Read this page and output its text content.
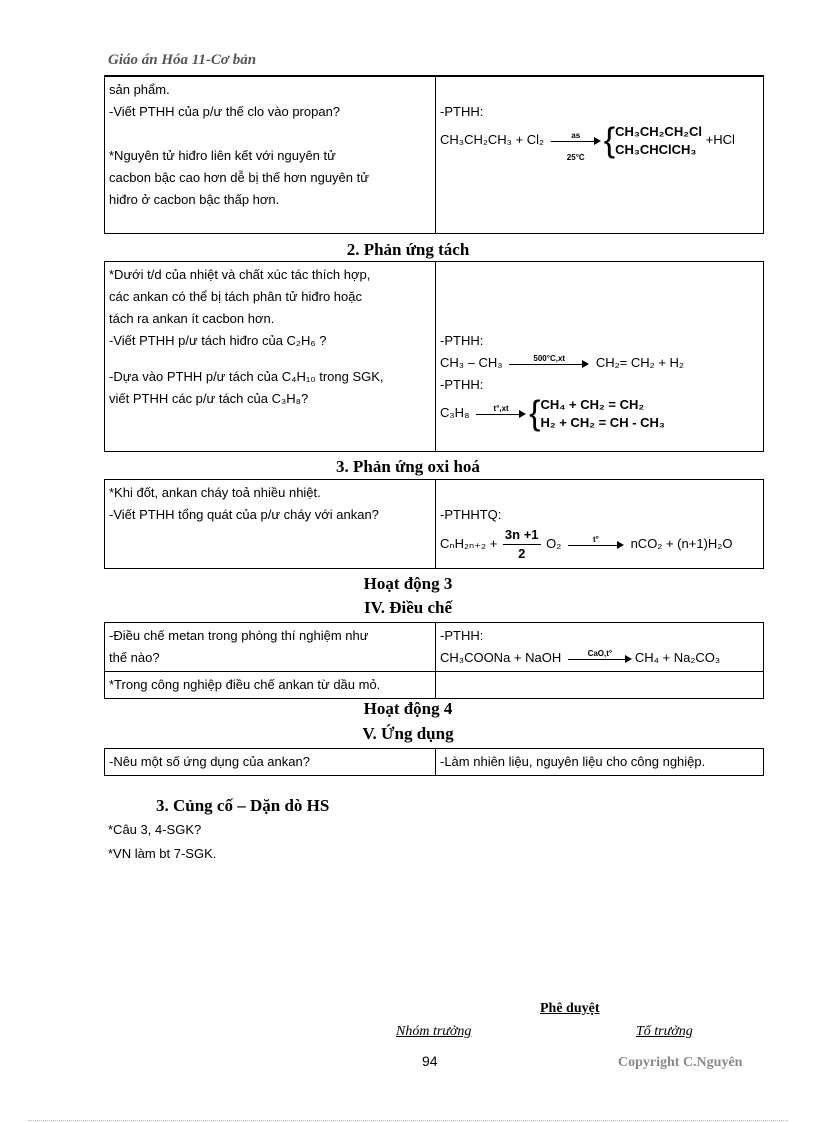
Giáo án Hóa 11-Cơ bản
sản phẩm.
-Viết PTHH của p/ư thế clo vào propan?
*Nguyên tử hiđro liên kết với nguyên tử
cacbon bậc cao hơn dễ bị thế hơn nguyên tử
hiđro ở cacbon bậc thấp hơn.

-PTHH:
CH₃CH₂CH₃ + Cl₂	as
25°C { CH₃CH₂CH₂Cl
CH₃CHClCH₃
+HCl
2. Phản ứng tách
*Dưới t/d của nhiệt và chất xúc tác thích hợp,
các ankan có thể bị tách phân tử hiđro hoặc
tách ra ankan ít cacbon hơn.
-Viết PTHH p/ư tách hiđro của C₂H₆ ?
-Dựa vào PTHH p/ư tách của C₄H₁₀ trong SGK,
viết PTHH các p/ư tách của C₃H₈?

-PTHH:
CH₃ – CH₃	500°C,xt	CH₂= CH₂ + H₂
-PTHH:
C₃H₈	t°,xt { CH₄ + CH₂ = CH₂
H₂ + CH₂ = CH - CH₃
3. Phản ứng oxi hoá
*Khi đốt, ankan cháy toả nhiều nhiệt.
-Viết PTHH tổng quát của p/ư cháy với ankan?	-PTHHTQ:
$C_nH_{2n+2} + \frac{3n +1}{2} O_2$	t°	nCO₂ + (n+1)H₂O
Hoạt động 3
IV. Điều chế
-Điều chế metan trong phòng thí nghiệm như
thế nào?	-PTHH:
CH₃COONa + NaOH CaO,t° CH₄ + Na₂CO₃
*Trong công nghiệp điều chế ankan từ dầu mỏ.	
Hoạt động 4
V. Ứng dụng
-Nêu một số ứng dụng của ankan?	-Làm nhiên liệu, nguyên liệu cho công nghiệp.
3. Củng cố – Dặn dò HS
*Câu 3, 4-SGK?
*VN làm bt 7-SGK.
Phê duyệt
Nhóm trưởng	Tổ trưởng
94	Copyright C.Nguyên
